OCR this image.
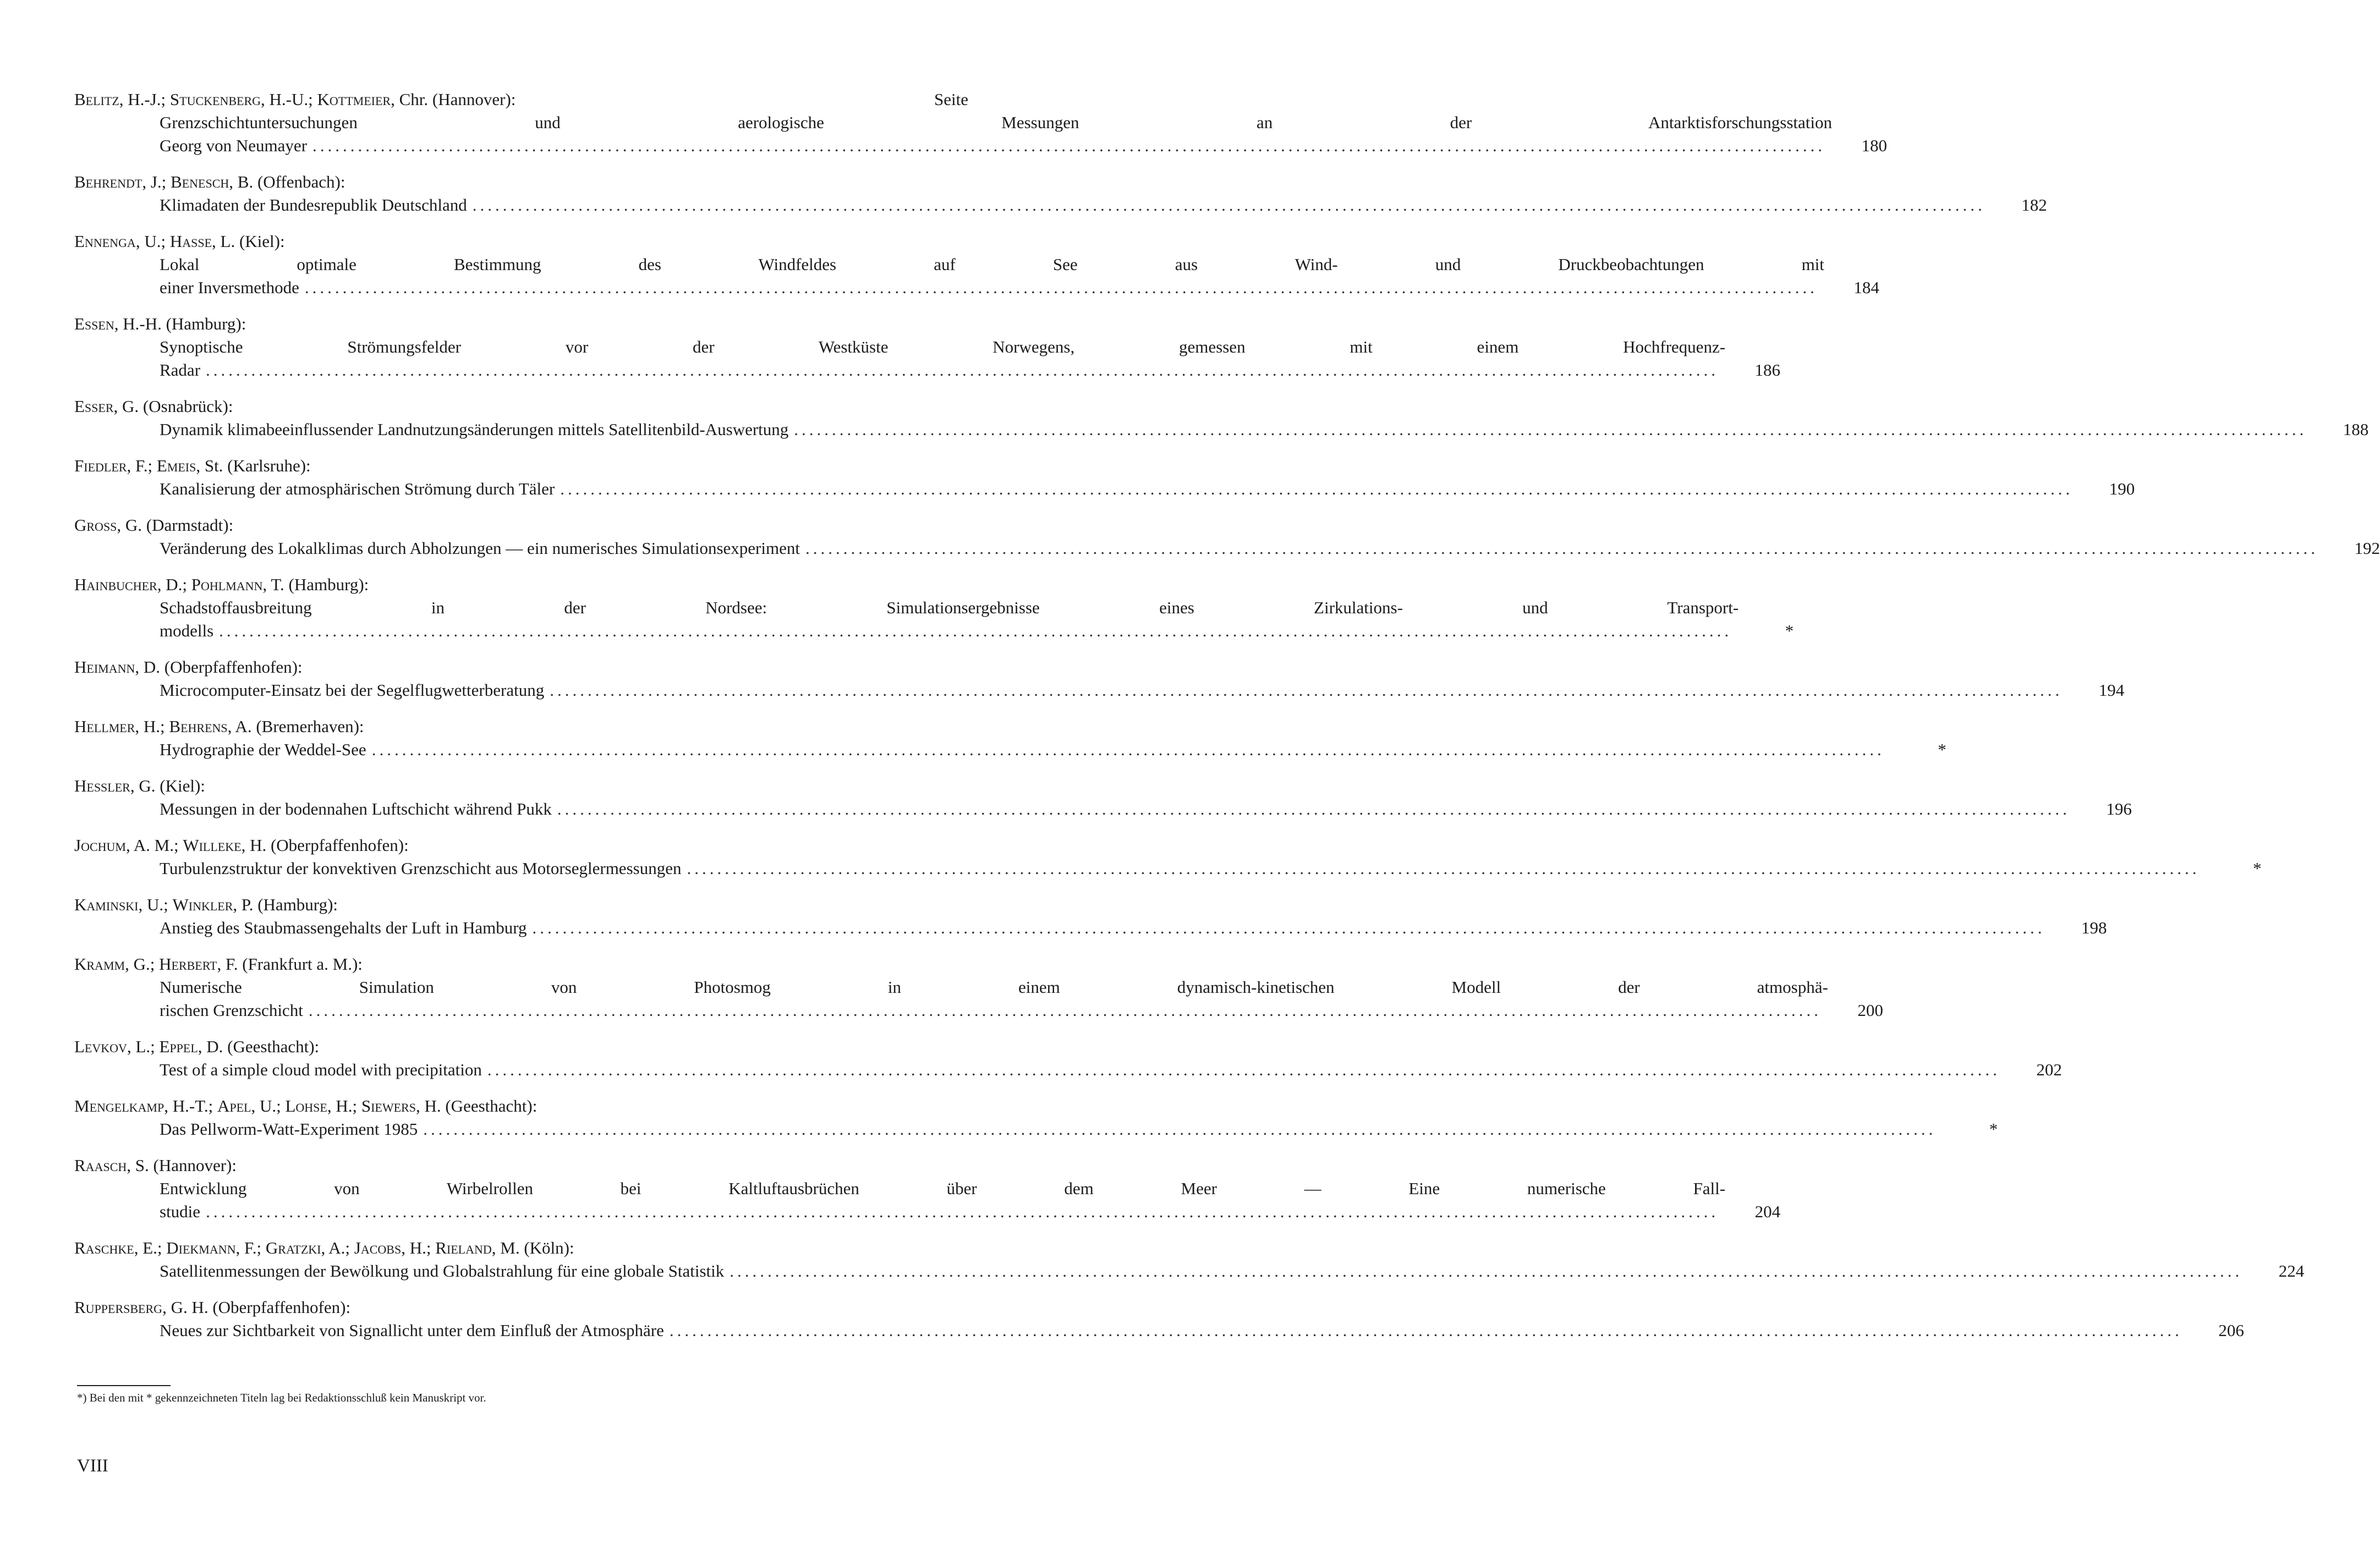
Seite
Belitz, H.-J.; Stuckenberg, H.-U.; Kottmeier, Chr. (Hannover):
Grenzschichtuntersuchungen und aerologische Messungen an der Antarktisforschungsstation
Georg von Neumayer ........................................................................................................................................................................................................	180
Behrendt, J.; Benesch, B. (Offenbach):
Klimadaten der Bundesrepublik Deutschland ........................................................................................................................................................................................................	182
Ennenga, U.; Hasse, L. (Kiel):
Lokal optimale Bestimmung des Windfeldes auf See aus Wind- und Druckbeobachtungen mit
einer Inversmethode ........................................................................................................................................................................................................	184
Essen, H.-H. (Hamburg):
Synoptische Strömungsfelder vor der Westküste Norwegens, gemessen mit einem Hochfrequenz-
Radar ........................................................................................................................................................................................................	186
Esser, G. (Osnabrück):
Dynamik klimabeeinflussender Landnutzungsänderungen mittels Satellitenbild-Auswertung ........................................................................................................................................................................................................	188
Fiedler, F.; Emeis, St. (Karlsruhe):
Kanalisierung der atmosphärischen Strömung durch Täler ........................................................................................................................................................................................................	190
Gross, G. (Darmstadt):
Veränderung des Lokalklimas durch Abholzungen — ein numerisches Simulationsexperiment ........................................................................................................................................................................................................	192
Hainbucher, D.; Pohlmann, T. (Hamburg):
Schadstoffausbreitung in der Nordsee: Simulationsergebnisse eines Zirkulations- und Transport-
modells ........................................................................................................................................................................................................	*
Heimann, D. (Oberpfaffenhofen):
Microcomputer-Einsatz bei der Segelflugwetterberatung ........................................................................................................................................................................................................	194
Hellmer, H.; Behrens, A. (Bremerhaven):
Hydrographie der Weddel-See ........................................................................................................................................................................................................	*
Hessler, G. (Kiel):
Messungen in der bodennahen Luftschicht während Pukk ........................................................................................................................................................................................................	196
Jochum, A. M.; Willeke, H. (Oberpfaffenhofen):
Turbulenzstruktur der konvektiven Grenzschicht aus Motorseglermessungen ........................................................................................................................................................................................................	*
Kaminski, U.; Winkler, P. (Hamburg):
Anstieg des Staubmassengehalts der Luft in Hamburg ........................................................................................................................................................................................................	198
Kramm, G.; Herbert, F. (Frankfurt a. M.):
Numerische Simulation von Photosmog in einem dynamisch-kinetischen Modell der atmosphä-
rischen Grenzschicht ........................................................................................................................................................................................................	200
Levkov, L.; Eppel, D. (Geesthacht):
Test of a simple cloud model with precipitation ........................................................................................................................................................................................................	202
Mengelkamp, H.-T.; Apel, U.; Lohse, H.; Siewers, H. (Geesthacht):
Das Pellworm-Watt-Experiment 1985 ........................................................................................................................................................................................................	*
Raasch, S. (Hannover):
Entwicklung von Wirbelrollen bei Kaltluftausbrüchen über dem Meer — Eine numerische Fall-
studie ........................................................................................................................................................................................................	204
Raschke, E.; Diekmann, F.; Gratzki, A.; Jacobs, H.; Rieland, M. (Köln):
Satellitenmessungen der Bewölkung und Globalstrahlung für eine globale Statistik ........................................................................................................................................................................................................	224
Ruppersberg, G. H. (Oberpfaffenhofen):
Neues zur Sichtbarkeit von Signallicht unter dem Einfluß der Atmosphäre ........................................................................................................................................................................................................	206
*) Bei den mit * gekennzeichneten Titeln lag bei Redaktionsschluß kein Manuskript vor.
VIII
